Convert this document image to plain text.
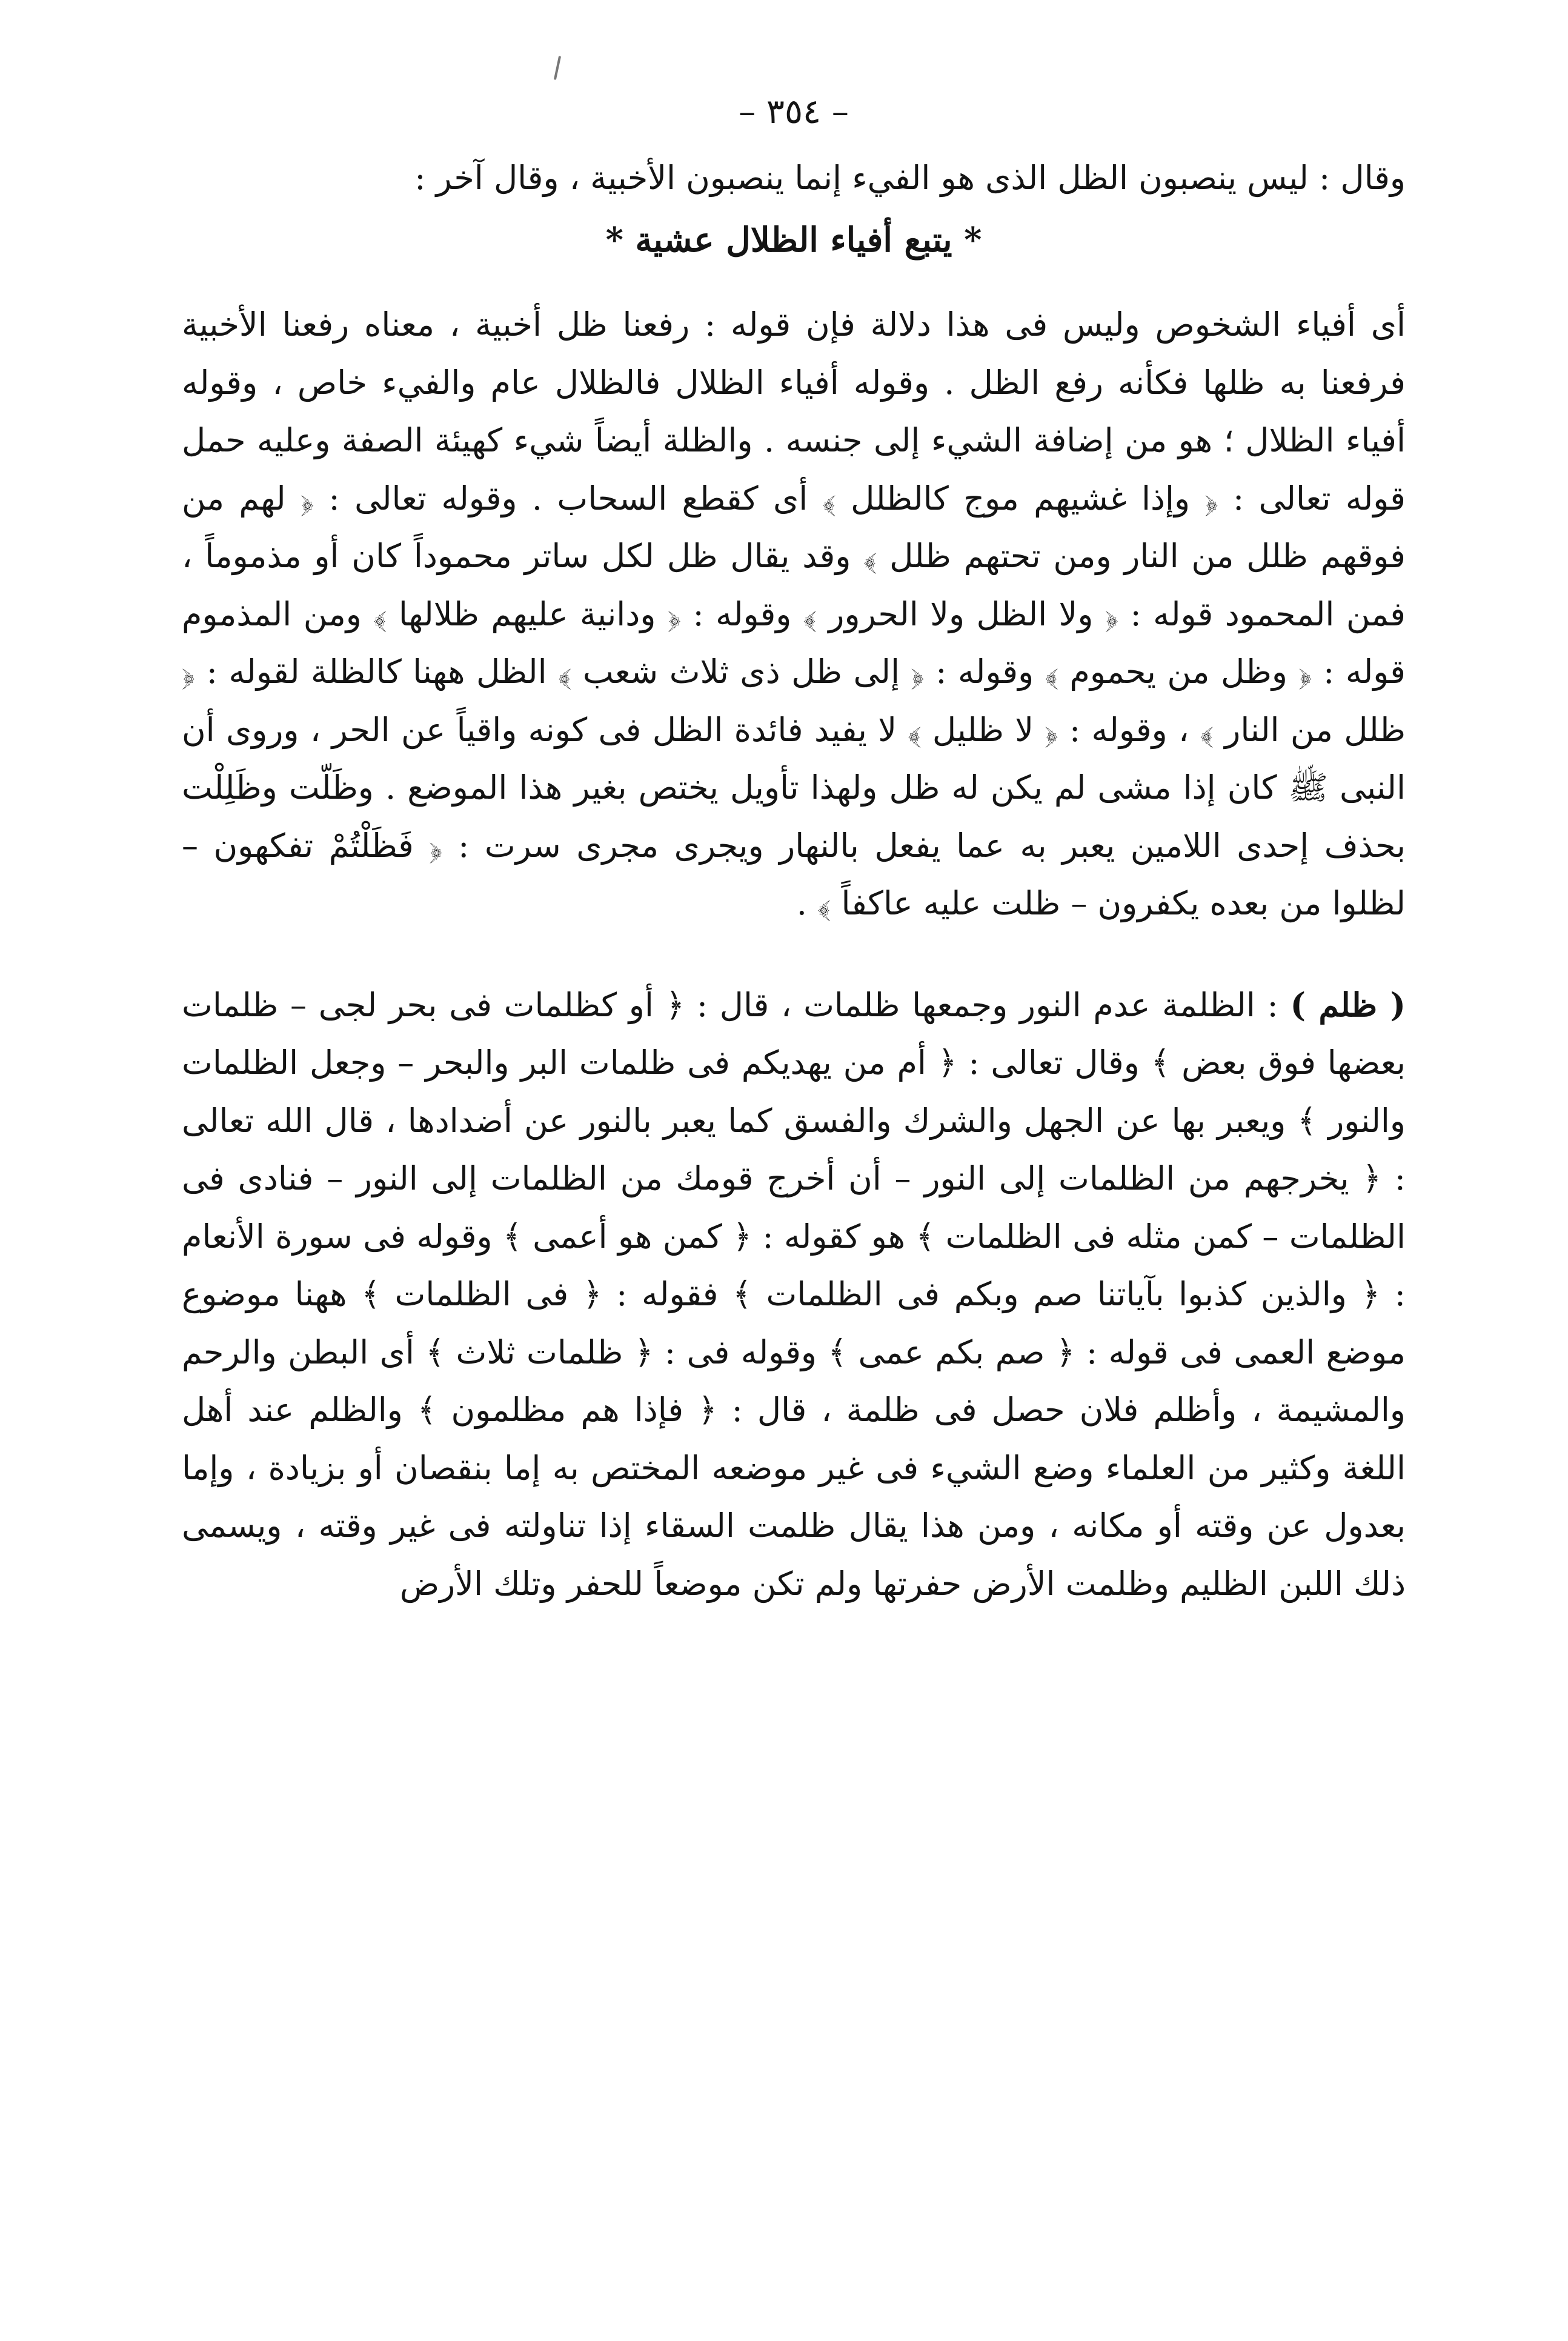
– ٣٥٤ –

وقال : ليس ينصبون الظل الذى هو الفيء إنما ينصبون الأخبية ، وقال آخر :

* يتبع أفياء الظلال عشية *

أى أفياء الشخوص وليس فى هذا دلالة فإن قوله : رفعنا ظل أخبية ، معناه رفعنا الأخبية فرفعنا به ظلها فكأنه رفع الظل . وقوله أفياء الظلال فالظلال عام والفيء خاص ، وقوله أفياء الظلال ؛ هو من إضافة الشيء إلى جنسه . والظلة أيضاً شيء كهيئة الصفة وعليه حمل قوله تعالى : ﴿ وإذا غشيهم موج كالظلل ﴾ أى كقطع السحاب . وقوله تعالى : ﴿ لهم من فوقهم ظلل من النار ومن تحتهم ظلل ﴾ وقد يقال ظل لكل ساتر محموداً كان أو مذموماً ، فمن المحمود قوله : ﴿ ولا الظل ولا الحرور ﴾ وقوله : ﴿ ودانية عليهم ظلالها ﴾ ومن المذموم قوله : ﴿ وظل من يحموم ﴾ وقوله : ﴿ إلى ظل ذى ثلاث شعب ﴾ الظل ههنا كالظلة لقوله : ﴿ ظلل من النار ﴾ ، وقوله : ﴿ لا ظليل ﴾ لا يفيد فائدة الظل فى كونه واقياً عن الحر ، وروى أن النبى ﷺ كان إذا مشى لم يكن له ظل ولهذا تأويل يختص بغير هذا الموضع . وظَلّت وظَلِلْت بحذف إحدى اللامين يعبر به عما يفعل بالنهار ويجرى مجرى سرت : ﴿ فَظَلْتُمْ تفكهون – لظلوا من بعده يكفرون – ظلت عليه عاكفاً ﴾ .

( ظلم ) : الظلمة عدم النور وجمعها ظلمات ، قال : ﴿ أو كظلمات فى بحر لجى – ظلمات بعضها فوق بعض ﴾ وقال تعالى : ﴿ أم من يهديكم فى ظلمات البر والبحر – وجعل الظلمات والنور ﴾ ويعبر بها عن الجهل والشرك والفسق كما يعبر بالنور عن أضدادها ، قال الله تعالى : ﴿ يخرجهم من الظلمات إلى النور – أن أخرج قومك من الظلمات إلى النور – فنادى فى الظلمات – كمن مثله فى الظلمات ﴾ هو كقوله : ﴿ كمن هو أعمى ﴾ وقوله فى سورة الأنعام : ﴿ والذين كذبوا بآياتنا صم وبكم فى الظلمات ﴾ فقوله : ﴿ فى الظلمات ﴾ ههنا موضوع موضع العمى فى قوله : ﴿ صم بكم عمى ﴾ وقوله فى : ﴿ ظلمات ثلاث ﴾ أى البطن والرحم والمشيمة ، وأظلم فلان حصل فى ظلمة ، قال : ﴿ فإذا هم مظلمون ﴾ والظلم عند أهل اللغة وكثير من العلماء وضع الشيء فى غير موضعه المختص به إما بنقصان أو بزيادة ، وإما بعدول عن وقته أو مكانه ، ومن هذا يقال ظلمت السقاء إذا تناولته فى غير وقته ، ويسمى ذلك اللبن الظليم وظلمت الأرض حفرتها ولم تكن موضعاً للحفر وتلك الأرض
